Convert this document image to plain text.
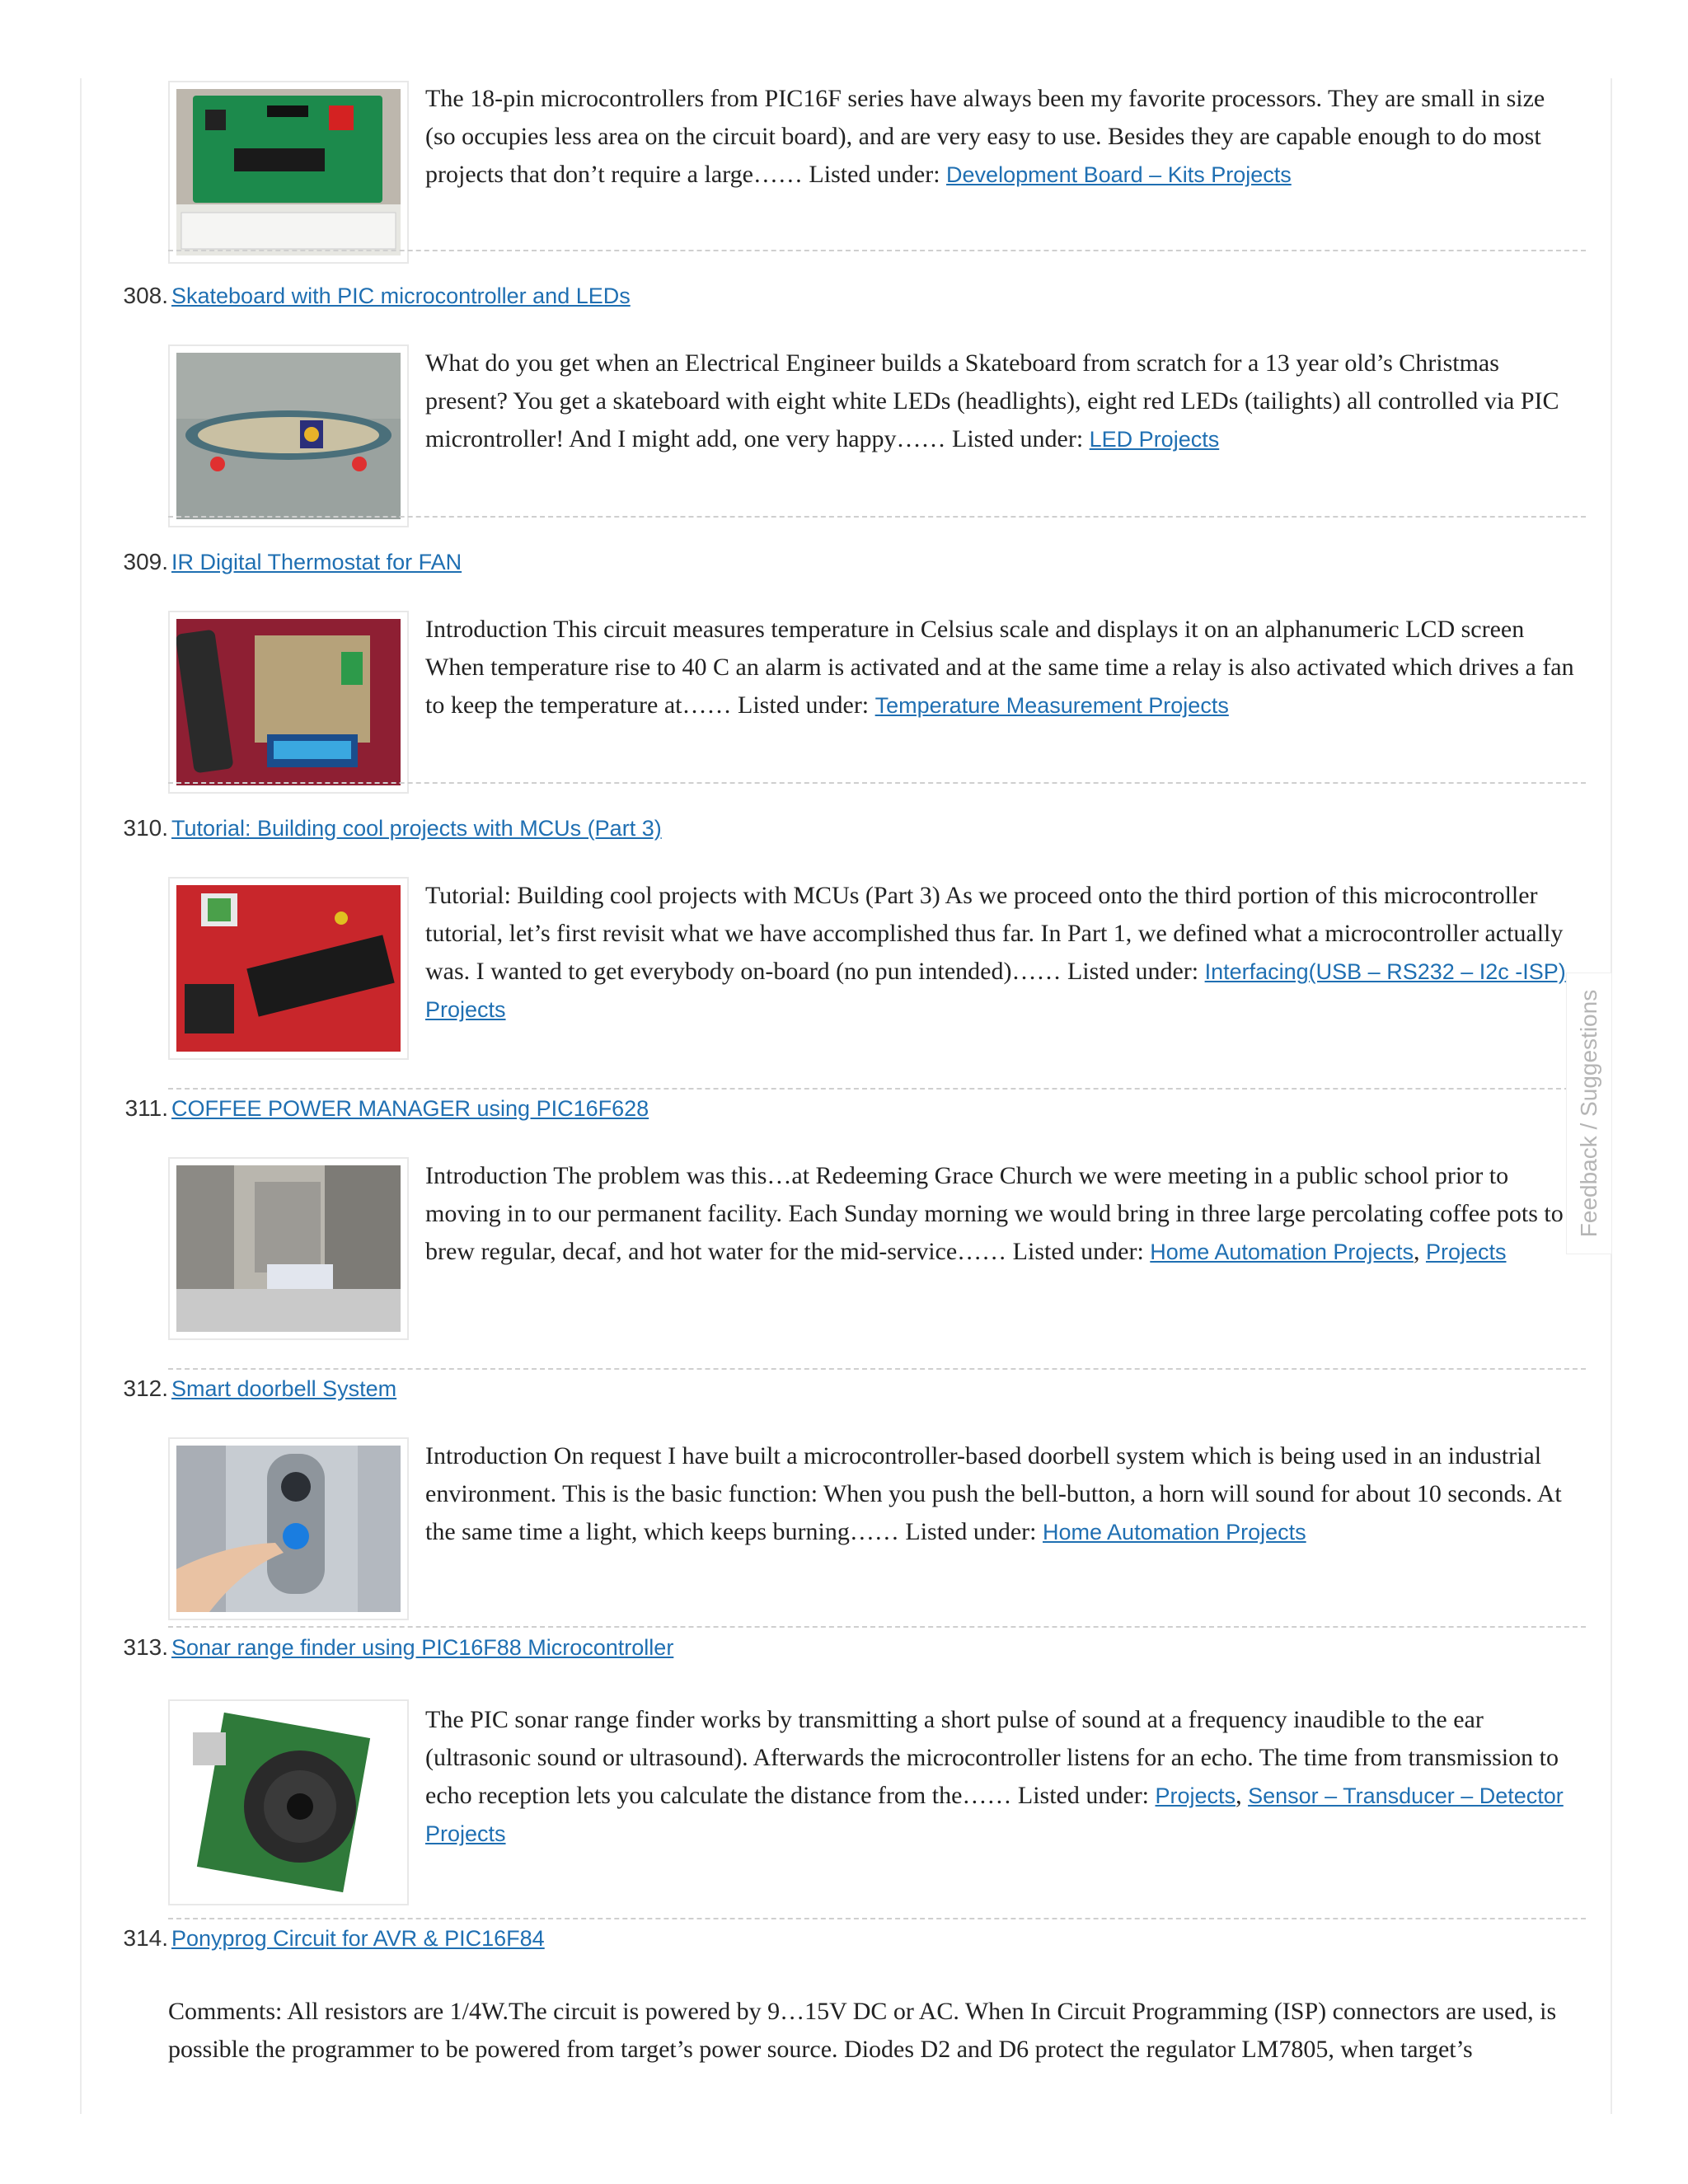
The 18-pin microcontrollers from PIC16F series have always been my favorite processors. They are small in size (so occupies less area on the circuit board), and are very easy to use. Besides they are capable enough to do most projects that don’t require a large…… Listed under: Development Board – Kits Projects
308. Skateboard with PIC microcontroller and LEDs
What do you get when an Electrical Engineer builds a Skateboard from scratch for a 13 year old’s Christmas present? You get a skateboard with eight white LEDs (headlights), eight red LEDs (tailights) all controlled via PIC microntroller! And I might add, one very happy…… Listed under: LED Projects
309. IR Digital Thermostat for FAN
Introduction This circuit measures temperature in Celsius scale and displays it on an alphanumeric LCD screen When temperature rise to 40 C an alarm is activated and at the same time a relay is also activated which drives a fan to keep the temperature at…… Listed under: Temperature Measurement Projects
310. Tutorial: Building cool projects with MCUs (Part 3)
Tutorial: Building cool projects with MCUs (Part 3) As we proceed onto the third portion of this microcontroller tutorial, let’s first revisit what we have accomplished thus far. In Part 1, we defined what a microcontroller actually was. I wanted to get everybody on-board (no pun intended)…… Listed under: Interfacing(USB – RS232 – I2c -ISP) Projects
311. COFFEE POWER MANAGER using PIC16F628
Introduction The problem was this…at Redeeming Grace Church we were meeting in a public school prior to moving in to our permanent facility. Each Sunday morning we would bring in three large percolating coffee pots to brew regular, decaf, and hot water for the mid-service…… Listed under: Home Automation Projects, Projects
312. Smart doorbell System
Introduction On request I have built a microcontroller-based doorbell system which is being used in an industrial environment. This is the basic function: When you push the bell-button, a horn will sound for about 10 seconds. At the same time a light, which keeps burning…… Listed under: Home Automation Projects
313. Sonar range finder using PIC16F88 Microcontroller
The PIC sonar range finder works by transmitting a short pulse of sound at a frequency inaudible to the ear (ultrasonic sound or ultrasound). Afterwards the microcontroller listens for an echo. The time from transmission to echo reception lets you calculate the distance from the…… Listed under: Projects, Sensor – Transducer – Detector Projects
314. Ponyprog Circuit for AVR & PIC16F84
Comments: All resistors are 1/4W.The circuit is powered by 9…15V DC or AC. When In Circuit Programming (ISP) connectors are used, is possible the programmer to be powered from target’s power source. Diodes D2 and D6 protect the regulator LM7805, when target’s
Feedback / Suggestions
